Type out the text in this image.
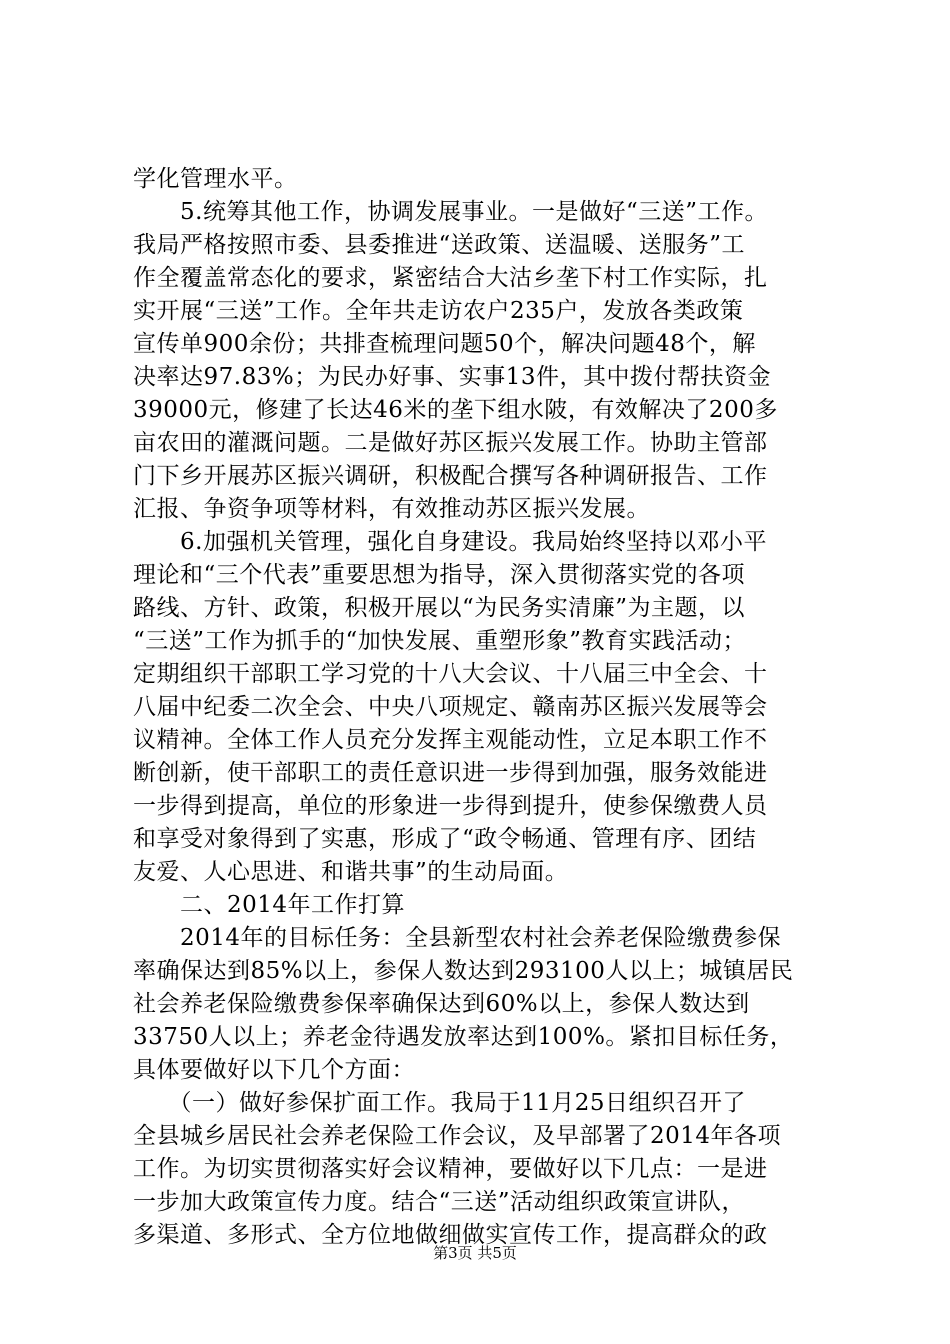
学化管理水平。
　　5.统筹其他工作，协调发展事业。一是做好“三送”工作。
我局严格按照市委、县委推进“送政策、送温暖、送服务”工
作全覆盖常态化的要求，紧密结合大沽乡垄下村工作实际，扎
实开展“三送”工作。全年共走访农户235户，发放各类政策
宣传单900余份；共排查梳理问题50个，解决问题48个，解
决率达97.83%；为民办好事、实事13件，其中拨付帮扶资金
39000元，修建了长达46米的垄下组水陂，有效解决了200多
亩农田的灌溉问题。二是做好苏区振兴发展工作。协助主管部
门下乡开展苏区振兴调研，积极配合撰写各种调研报告、工作
汇报、争资争项等材料，有效推动苏区振兴发展。
　　6.加强机关管理，强化自身建设。我局始终坚持以邓小平
理论和“三个代表”重要思想为指导，深入贯彻落实党的各项
路线、方针、政策，积极开展以“为民务实清廉”为主题，以
“三送”工作为抓手的“加快发展、重塑形象”教育实践活动；
定期组织干部职工学习党的十八大会议、十八届三中全会、十
八届中纪委二次全会、中央八项规定、赣南苏区振兴发展等会
议精神。全体工作人员充分发挥主观能动性，立足本职工作不
断创新，使干部职工的责任意识进一步得到加强，服务效能进
一步得到提高，单位的形象进一步得到提升，使参保缴费人员
和享受对象得到了实惠，形成了“政令畅通、管理有序、团结
友爱、人心思进、和谐共事”的生动局面。
　　二、2014年工作打算
　　2014年的目标任务：全县新型农村社会养老保险缴费参保
率确保达到85%以上，参保人数达到293100人以上；城镇居民
社会养老保险缴费参保率确保达到60%以上，参保人数达到
33750人以上；养老金待遇发放率达到100%。紧扣目标任务，
具体要做好以下几个方面：
　　（一）做好参保扩面工作。我局于11月25日组织召开了
全县城乡居民社会养老保险工作会议，及早部署了2014年各项
工作。为切实贯彻落实好会议精神，要做好以下几点：一是进
一步加大政策宣传力度。结合“三送”活动组织政策宣讲队，
多渠道、多形式、全方位地做细做实宣传工作，提高群众的政
第3页 共5页
